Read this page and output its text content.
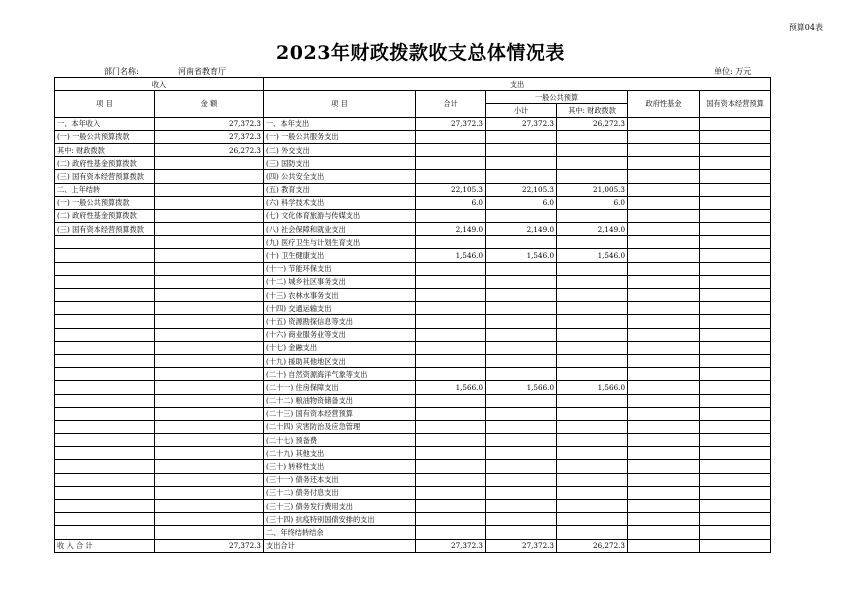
预算04表
2023年财政拨款收支总体情况表
部门名称:	河南省教育厅	单位: 万元
收入		支出					
项 目	金 额	项 目	合计	一般公共预算		政府性基金	国有资本经营预算
				小计	其中: 财政拨款		
一、本年收入	27,372.3	一、本年支出	27,372.3	27,372.3	26,272.3		
(一) 一般公共预算拨款	27,372.3	(一) 一般公共服务支出					
其中: 财政拨款	26,272.3	(二) 外交支出					
(二) 政府性基金预算拨款		(三) 国防支出					
(三) 国有资本经营预算拨款		(四) 公共安全支出					
二、上年结转		(五) 教育支出	22,105.3	22,105.3	21,005.3		
(一) 一般公共预算拨款		(六) 科学技术支出	6.0	6.0	6.0		
(二) 政府性基金预算拨款		(七) 文化体育旅游与传媒支出					
(三) 国有资本经营预算拨款		(八) 社会保障和就业支出	2,149.0	2,149.0	2,149.0		
		(九) 医疗卫生与计划生育支出					
		(十) 卫生健康支出	1,546.0	1,546.0	1,546.0		
		(十一) 节能环保支出					
		(十二) 城乡社区事务支出					
		(十三) 农林水事务支出					
		(十四) 交通运输支出					
		(十五) 资源勘探信息等支出					
		(十六) 商业服务业等支出					
		(十七) 金融支出					
		(十九) 援助其他地区支出					
		(二十) 自然资源海洋气象等支出					
		(二十一) 住房保障支出	1,566.0	1,566.0	1,566.0		
		(二十二) 粮油物资储备支出					
		(二十三) 国有资本经营预算					
		(二十四) 灾害防治及应急管理					
		(二十七) 预备费					
		(二十九) 其他支出					
		(三十) 转移性支出					
		(三十一) 债务还本支出					
		(三十二) 债务付息支出					
		(三十三) 债务发行费用支出					
		(三十四) 抗疫特别国债安排的支出					
		二、年终结转结余					
收 入 合 计	27,372.3	支出合计	27,372.3	27,372.3	26,272.3		
